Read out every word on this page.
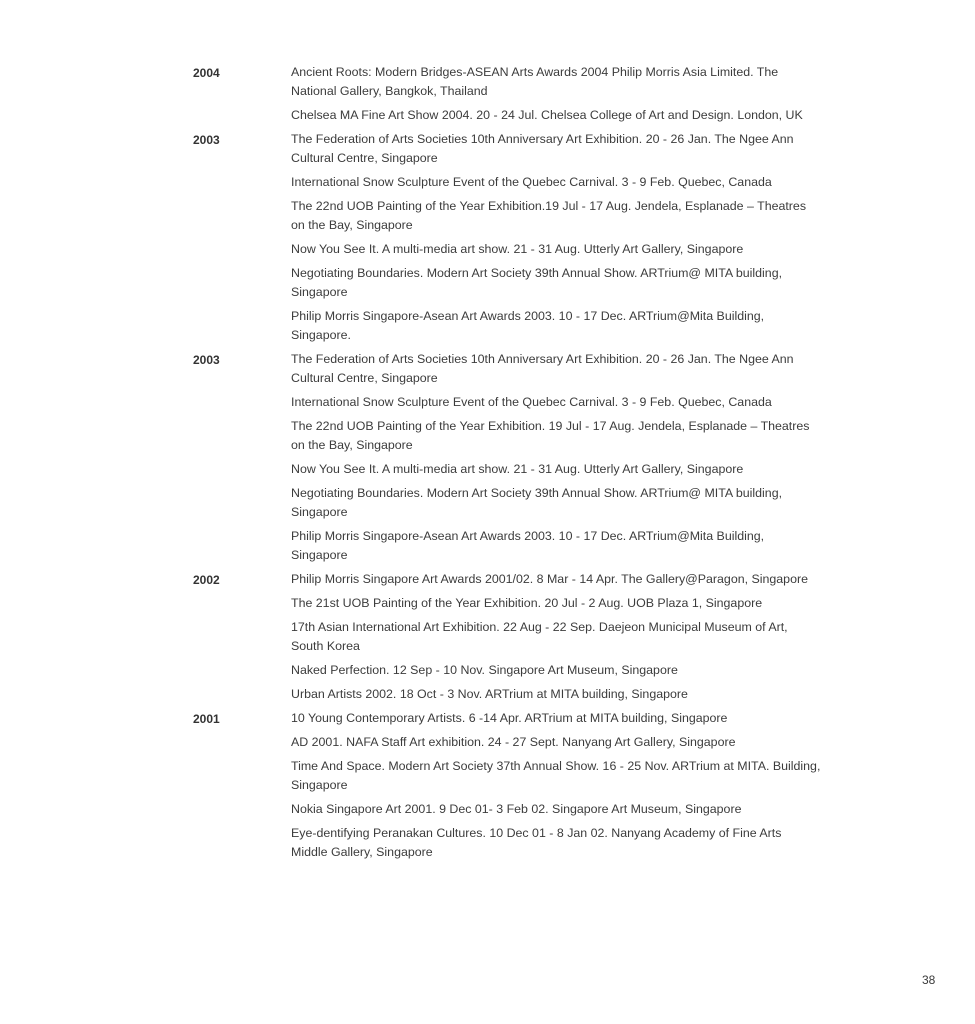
2004	Ancient Roots: Modern Bridges-ASEAN Arts Awards 2004 Philip Morris Asia Limited. The National Gallery, Bangkok, Thailand

Chelsea MA Fine Art Show 2004. 20 - 24 Jul. Chelsea College of Art and Design. London, UK

2003	The Federation of Arts Societies 10th Anniversary Art Exhibition. 20 - 26 Jan. The Ngee Ann Cultural Centre, Singapore

International Snow Sculpture Event of the Quebec Carnival. 3 - 9 Feb. Quebec, Canada

The 22nd UOB Painting of the Year Exhibition.19 Jul - 17 Aug. Jendela, Esplanade – Theatres on the Bay, Singapore

Now You See It. A multi-media art show. 21 - 31 Aug. Utterly Art Gallery, Singapore

Negotiating Boundaries. Modern Art Society 39th Annual Show. ARTrium@ MITA building, Singapore

Philip Morris Singapore-Asean Art Awards 2003. 10 - 17 Dec. ARTrium@Mita Building, Singapore.

2003	The Federation of Arts Societies 10th Anniversary Art Exhibition. 20 - 26 Jan. The Ngee Ann Cultural Centre, Singapore

International Snow Sculpture Event of the Quebec Carnival. 3 - 9 Feb. Quebec, Canada

The 22nd UOB Painting of the Year Exhibition. 19 Jul - 17 Aug. Jendela, Esplanade – Theatres on the Bay, Singapore

Now You See It. A multi-media art show. 21 - 31 Aug. Utterly Art Gallery, Singapore

Negotiating Boundaries. Modern Art Society 39th Annual Show. ARTrium@ MITA building, Singapore

Philip Morris Singapore-Asean Art Awards 2003. 10 - 17 Dec. ARTrium@Mita Building, Singapore

2002	Philip Morris Singapore Art Awards 2001/02. 8 Mar - 14 Apr. The Gallery@Paragon, Singapore

The 21st UOB Painting of the Year Exhibition. 20 Jul - 2 Aug. UOB Plaza 1, Singapore

17th Asian International Art Exhibition. 22 Aug - 22 Sep. Daejeon Municipal Museum of Art, South Korea

Naked Perfection. 12 Sep - 10 Nov. Singapore Art Museum, Singapore

Urban Artists 2002. 18 Oct - 3 Nov. ARTrium at MITA building, Singapore

2001	10 Young Contemporary Artists. 6 -14 Apr. ARTrium at MITA building, Singapore

AD 2001. NAFA Staff Art exhibition. 24 - 27 Sept. Nanyang Art Gallery, Singapore

Time And Space. Modern Art Society 37th Annual Show. 16 - 25 Nov. ARTrium at MITA. Building, Singapore

Nokia Singapore Art 2001. 9 Dec 01- 3 Feb 02. Singapore Art Museum, Singapore

Eye-dentifying Peranakan Cultures. 10 Dec 01 - 8 Jan 02. Nanyang Academy of Fine Arts Middle Gallery, Singapore

38
